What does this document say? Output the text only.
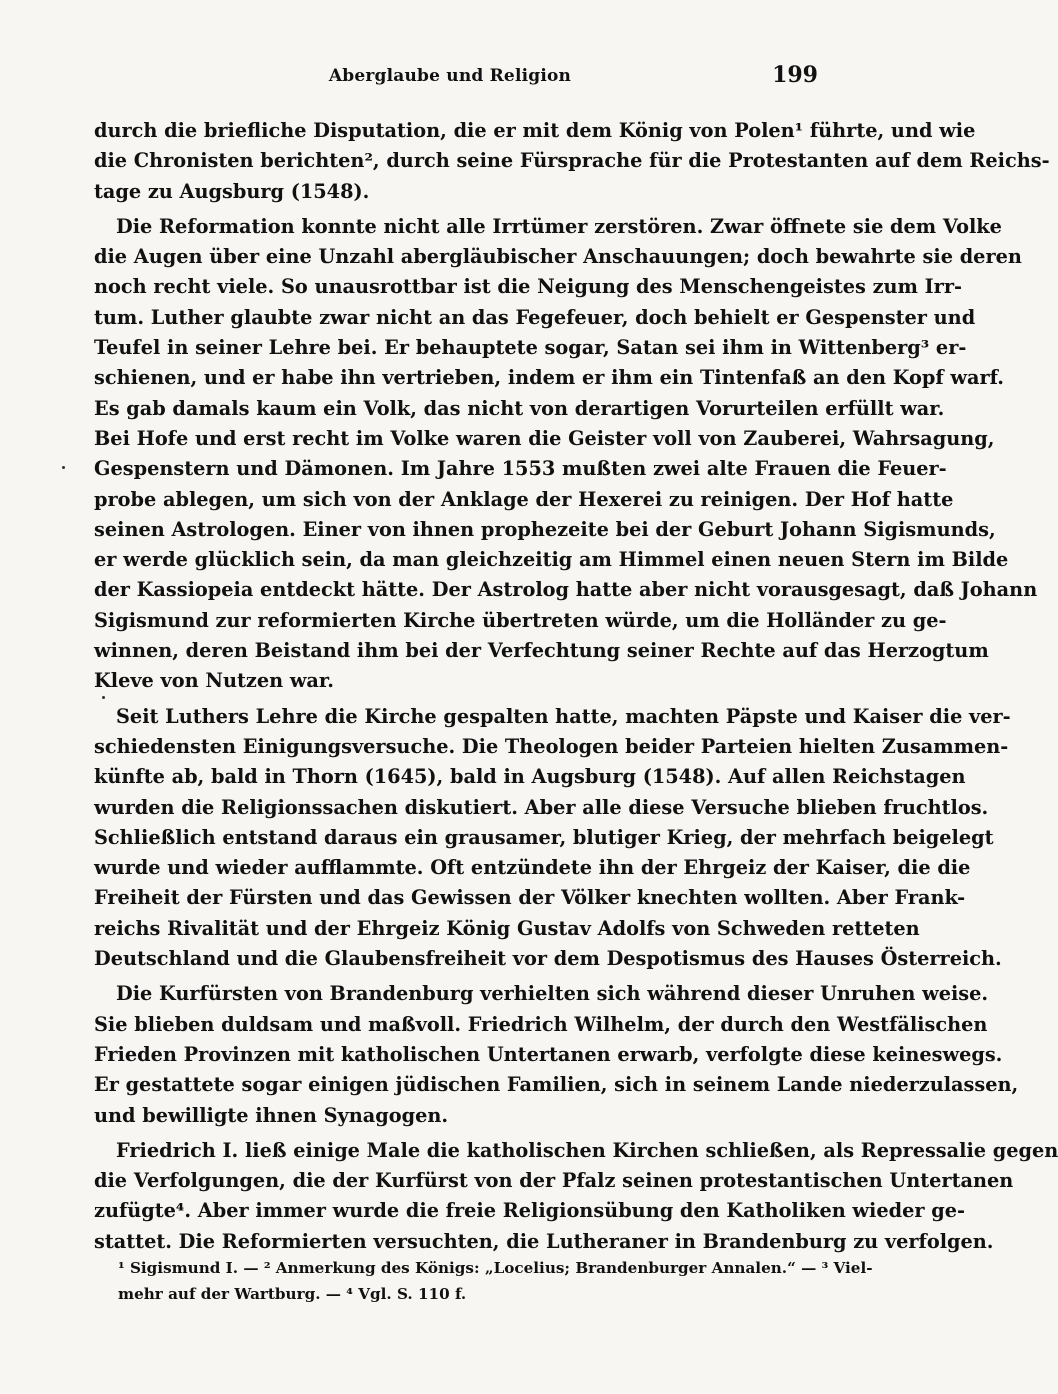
Aberglaube und Religion	199
durch die briefliche Disputation, die er mit dem König von Polen¹ führte, und wie
die Chronisten berichten², durch seine Fürsprache für die Protestanten auf dem Reichs-
tage zu Augsburg (1548).
Die Reformation konnte nicht alle Irrtümer zerstören. Zwar öffnete sie dem Volke
die Augen über eine Unzahl abergläubischer Anschauungen; doch bewahrte sie deren
noch recht viele. So unausrottbar ist die Neigung des Menschengeistes zum Irr-
tum. Luther glaubte zwar nicht an das Fegefeuer, doch behielt er Gespenster und
Teufel in seiner Lehre bei. Er behauptete sogar, Satan sei ihm in Wittenberg³ er-
schienen, und er habe ihn vertrieben, indem er ihm ein Tintenfaß an den Kopf warf.
Es gab damals kaum ein Volk, das nicht von derartigen Vorurteilen erfüllt war.
Bei Hofe und erst recht im Volke waren die Geister voll von Zauberei, Wahrsagung,
Gespenstern und Dämonen. Im Jahre 1553 mußten zwei alte Frauen die Feuer-
probe ablegen, um sich von der Anklage der Hexerei zu reinigen. Der Hof hatte
seinen Astrologen. Einer von ihnen prophezeite bei der Geburt Johann Sigismunds,
er werde glücklich sein, da man gleichzeitig am Himmel einen neuen Stern im Bilde
der Kassiopeia entdeckt hätte. Der Astrolog hatte aber nicht vorausgesagt, daß Johann
Sigismund zur reformierten Kirche übertreten würde, um die Holländer zu ge-
winnen, deren Beistand ihm bei der Verfechtung seiner Rechte auf das Herzogtum
Kleve von Nutzen war.
Seit Luthers Lehre die Kirche gespalten hatte, machten Päpste und Kaiser die ver-
schiedensten Einigungsversuche. Die Theologen beider Parteien hielten Zusammen-
künfte ab, bald in Thorn (1645), bald in Augsburg (1548). Auf allen Reichstagen
wurden die Religionssachen diskutiert. Aber alle diese Versuche blieben fruchtlos.
Schließlich entstand daraus ein grausamer, blutiger Krieg, der mehrfach beigelegt
wurde und wieder aufflammte. Oft entzündete ihn der Ehrgeiz der Kaiser, die die
Freiheit der Fürsten und das Gewissen der Völker knechten wollten. Aber Frank-
reichs Rivalität und der Ehrgeiz König Gustav Adolfs von Schweden retteten
Deutschland und die Glaubensfreiheit vor dem Despotismus des Hauses Österreich.
Die Kurfürsten von Brandenburg verhielten sich während dieser Unruhen weise.
Sie blieben duldsam und maßvoll. Friedrich Wilhelm, der durch den Westfälischen
Frieden Provinzen mit katholischen Untertanen erwarb, verfolgte diese keineswegs.
Er gestattete sogar einigen jüdischen Familien, sich in seinem Lande niederzulassen,
und bewilligte ihnen Synagogen.
Friedrich I. ließ einige Male die katholischen Kirchen schließen, als Repressalie gegen
die Verfolgungen, die der Kurfürst von der Pfalz seinen protestantischen Untertanen
zufügte⁴. Aber immer wurde die freie Religionsübung den Katholiken wieder ge-
stattet. Die Reformierten versuchten, die Lutheraner in Brandenburg zu verfolgen.
¹ Sigismund I. — ² Anmerkung des Königs: „Locelius; Brandenburger Annalen.“ — ³ Viel-
mehr auf der Wartburg. — ⁴ Vgl. S. 110 f.
